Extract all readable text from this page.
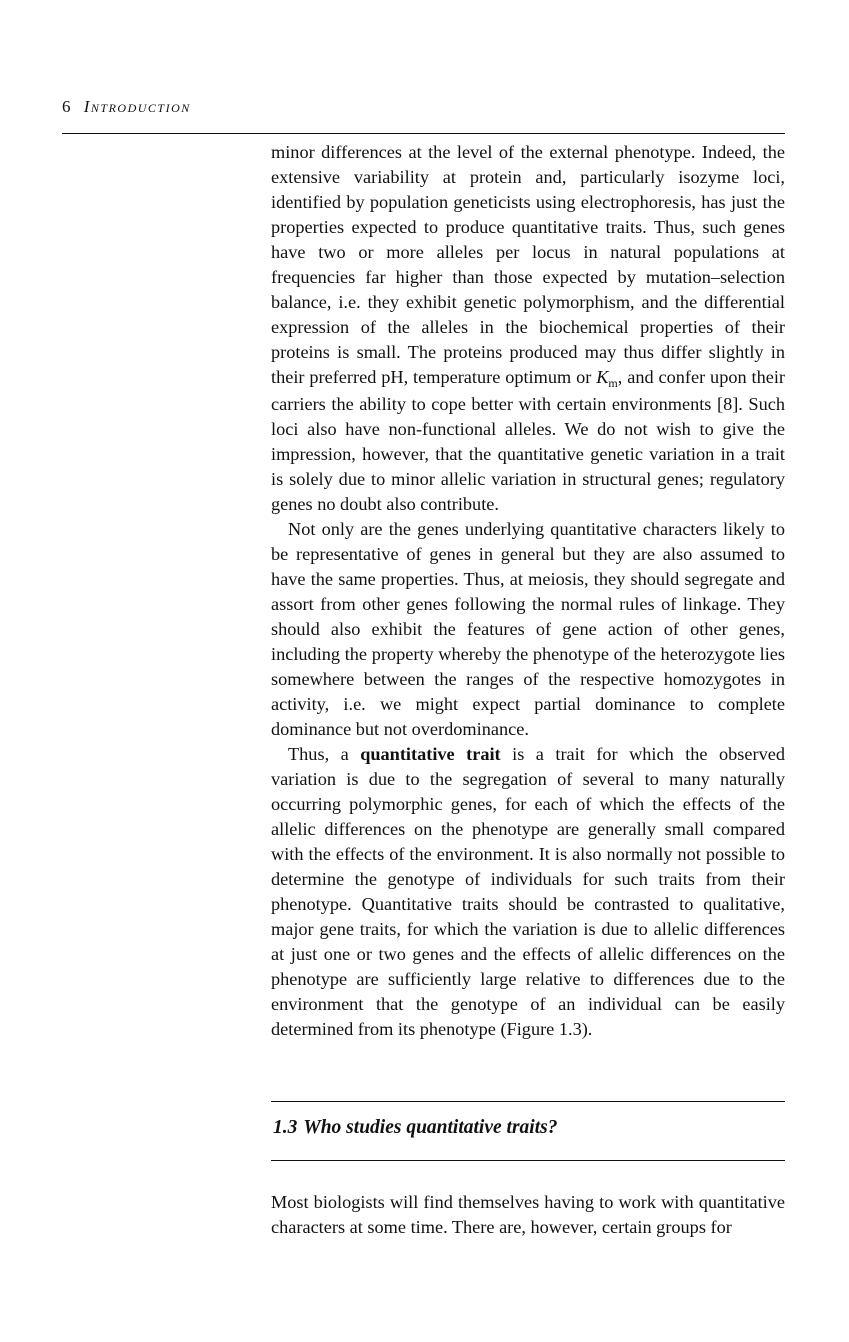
6 Introduction

minor differences at the level of the external phenotype. Indeed, the extensive variability at protein and, particularly isozyme loci, identified by population geneticists using electrophoresis, has just the properties expected to produce quantitative traits. Thus, such genes have two or more alleles per locus in natural populations at frequencies far higher than those expected by mutation–selection balance, i.e. they exhibit genetic polymorphism, and the differential expression of the alleles in the biochemical properties of their proteins is small. The proteins produced may thus differ slightly in their preferred pH, temperature optimum or $K_m$, and confer upon their carriers the ability to cope better with certain environments [8]. Such loci also have non-functional alleles. We do not wish to give the impression, however, that the quantitative genetic variation in a trait is solely due to minor allelic variation in structural genes; regulatory genes no doubt also contribute.

Not only are the genes underlying quantitative characters likely to be representative of genes in general but they are also assumed to have the same properties. Thus, at meiosis, they should segregate and assort from other genes following the normal rules of linkage. They should also exhibit the features of gene action of other genes, including the property whereby the phenotype of the heterozygote lies somewhere between the ranges of the respective homozygotes in activity, i.e. we might expect partial dominance to complete dominance but not overdominance.

Thus, a quantitative trait is a trait for which the observed variation is due to the segregation of several to many naturally occurring polymorphic genes, for each of which the effects of the allelic differences on the phenotype are generally small compared with the effects of the environment. It is also normally not possible to determine the genotype of individuals for such traits from their phenotype. Quantitative traits should be contrasted to qualitative, major gene traits, for which the variation is due to allelic differences at just one or two genes and the effects of allelic differences on the phenotype are sufficiently large relative to differences due to the environment that the genotype of an individual can be easily determined from its phenotype (Figure 1.3).

1.3 Who studies quantitative traits?

Most biologists will find themselves having to work with quantitative characters at some time. There are, however, certain groups for
